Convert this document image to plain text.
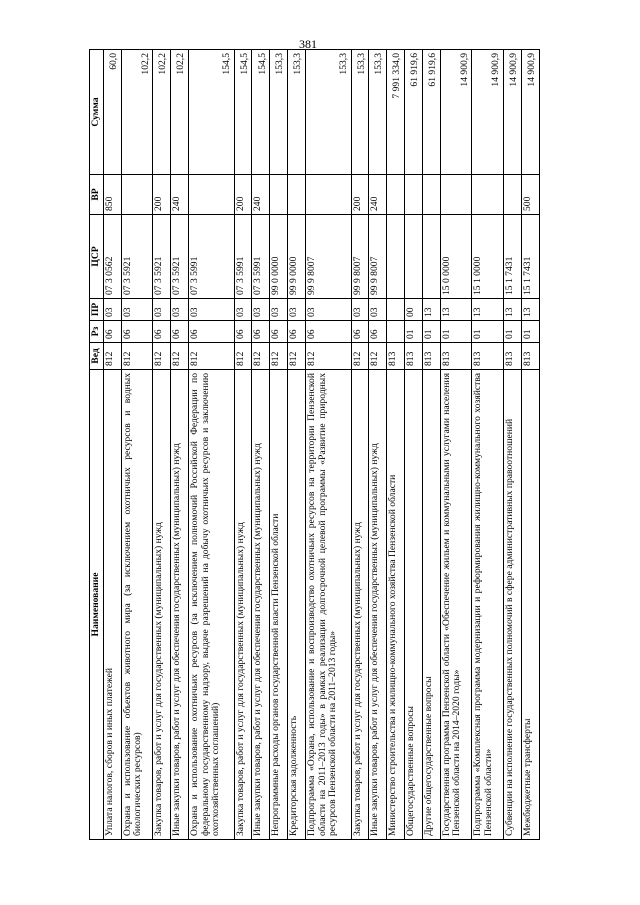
381
Наименование	Вед	Рз	ПР	ЦСР	ВР	Сумма
Уплата налогов, сборов и иных платежей	812	06	03	07 3 0562	850	60,0
Охрана и использование объектов животного мира (за исключением охотничьих ресурсов и водных биологических ресурсов)	812	06	03	07 3 5921		102,2
Закупка товаров, работ и услуг для государственных (муниципальных) нужд	812	06	03	07 3 5921	200	102,2
Иные закупки товаров, работ и услуг для обеспечения государственных (муниципальных) нужд	812	06	03	07 3 5921	240	102,2
Охрана и использование охотничьих ресурсов (за исключением полномочий Российской Федерации по федеральному государственному надзору, выдаче разрешений на добычу охотничьих ресурсов и заключению охотхозяйственных соглашений)	812	06	03	07 3 5991		154,5
Закупка товаров, работ и услуг для государственных (муниципальных) нужд	812	06	03	07 3 5991	200	154,5
Иные закупки товаров, работ и услуг для обеспечения государственных (муниципальных) нужд	812	06	03	07 3 5991	240	154,5
Непрограммные расходы органов государственной власти Пензенской области	812	06	03	99 0 0000		153,3
Кредиторская задолженность	812	06	03	99 9 0000		153,3
Подпрограмма «Охрана, использование и воспроизводство охотничьих ресурсов на территории Пензенской области на 2011–2013 годы» в рамках реализации долгосрочной целевой программы «Развитие природных ресурсов Пензенской области на 2011–2013 годы»	812	06	03	99 9 8007		153,3
Закупка товаров, работ и услуг для государственных (муниципальных) нужд	812	06	03	99 9 8007	200	153,3
Иные закупки товаров, работ и услуг для обеспечения государственных (муниципальных) нужд	812	06	03	99 9 8007	240	153,3
Министерство строительства и жилищно-коммунального хозяйства Пензенской области	813					7 991 334,0
Общегосударственные вопросы	813	01	00			61 919,6
Другие общегосударственные вопросы	813	01	13			61 919,6
Государственная программа Пензенской области «Обеспечение жильем и коммунальными услугами населения Пензенской области на 2014–2020 годы»	813	01	13	15 0 0000		14 900,9
Подпрограмма «Комплексная программа модернизации и реформирования жилищно-коммунального хозяйства Пензенской области»	813	01	13	15 1 0000		14 900,9
Субвенции на исполнение государственных полномочий в сфере административных правоотношений	813	01	13	15 1 7431		14 900,9
Межбюджетные трансферты	813	01	13	15 1 7431	500	14 900,9
